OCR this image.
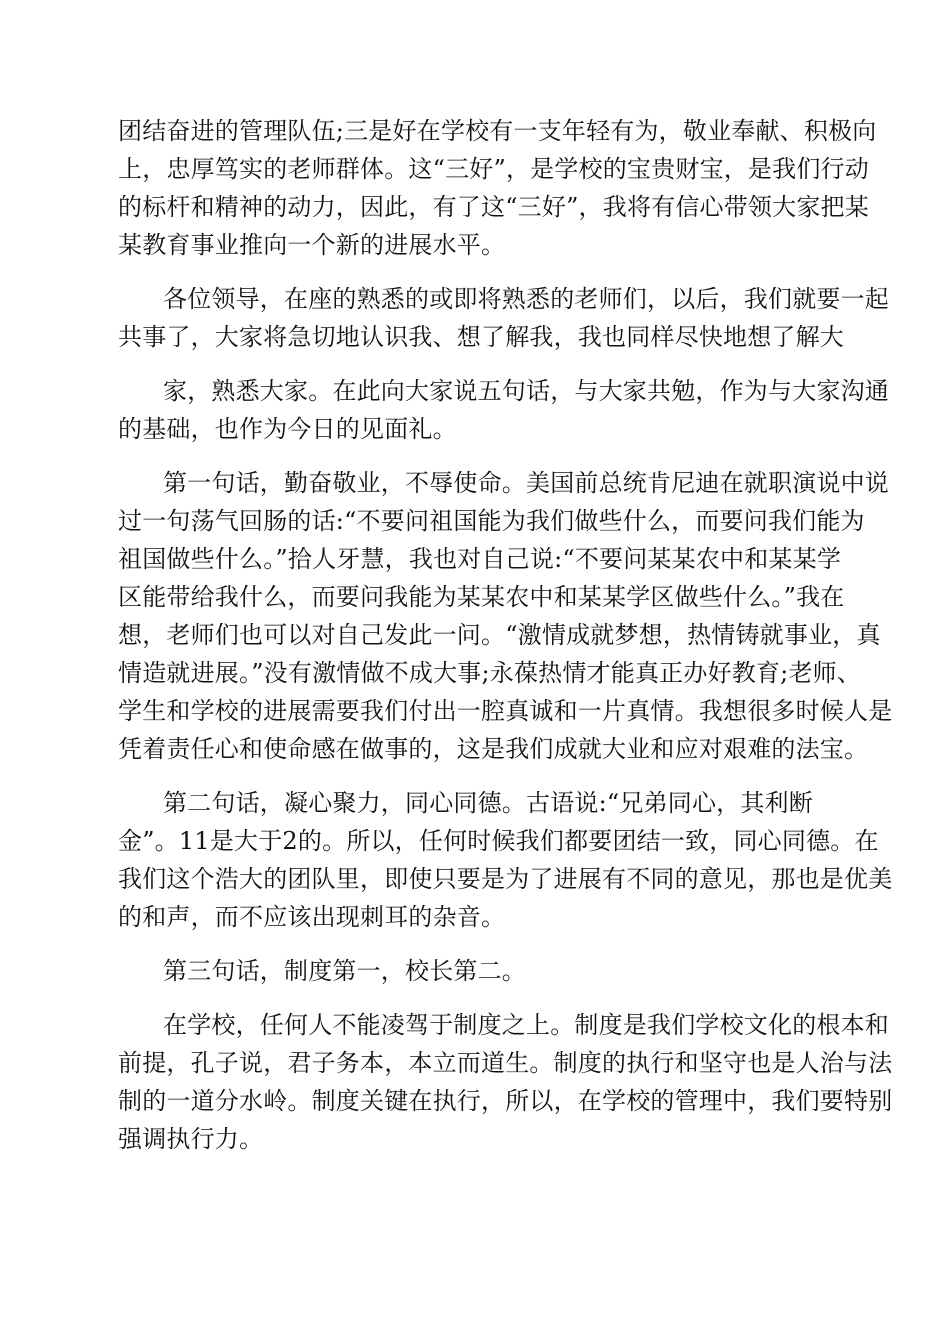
团结奋进的管理队伍;三是好在学校有一支年轻有为，敬业奉献、积极向
上，忠厚笃实的老师群体。这“三好”，是学校的宝贵财宝，是我们行动
的标杆和精神的动力，因此，有了这“三好”，我将有信心带领大家把某
某教育事业推向一个新的进展水平。
各位领导，在座的熟悉的或即将熟悉的老师们，以后，我们就要一起
共事了，大家将急切地认识我、想了解我，我也同样尽快地想了解大
家，熟悉大家。在此向大家说五句话，与大家共勉，作为与大家沟通
的基础，也作为今日的见面礼。
第一句话，勤奋敬业，不辱使命。美国前总统肯尼迪在就职演说中说
过一句荡气回肠的话:“不要问祖国能为我们做些什么，而要问我们能为
祖国做些什么。”拾人牙慧，我也对自己说:“不要问某某农中和某某学
区能带给我什么，而要问我能为某某农中和某某学区做些什么。”我在
想，老师们也可以对自己发此一问。“激情成就梦想，热情铸就事业，真
情造就进展。”没有激情做不成大事;永葆热情才能真正办好教育;老师、
学生和学校的进展需要我们付出一腔真诚和一片真情。我想很多时候人是
凭着责任心和使命感在做事的，这是我们成就大业和应对艰难的法宝。
第二句话，凝心聚力，同心同德。古语说:“兄弟同心，其利断
金”。11是大于2的。所以，任何时候我们都要团结一致，同心同德。在
我们这个浩大的团队里，即使只要是为了进展有不同的意见，那也是优美
的和声，而不应该出现刺耳的杂音。
第三句话，制度第一，校长第二。
在学校，任何人不能凌驾于制度之上。制度是我们学校文化的根本和
前提，孔子说，君子务本，本立而道生。制度的执行和坚守也是人治与法
制的一道分水岭。制度关键在执行，所以，在学校的管理中，我们要特别
强调执行力。
